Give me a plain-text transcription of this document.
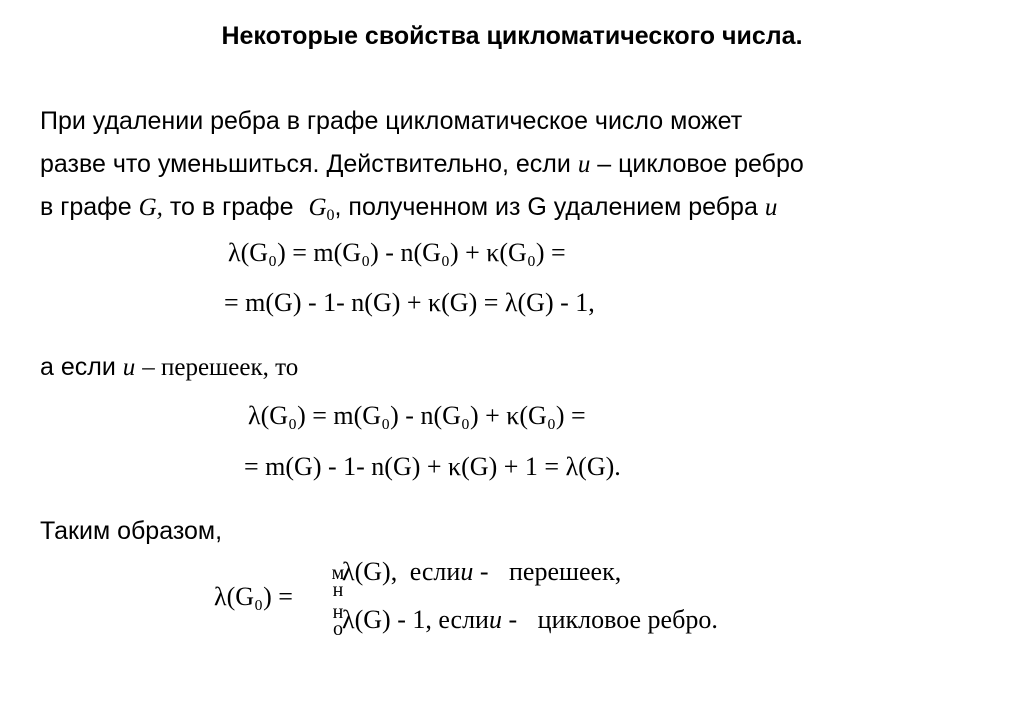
Некоторые свойства цикломатического числа.
При удалении ребра в графе цикломатическое число может
разве что уменьшиться. Действительно, если u – цикловое ребро
в графе G, то в графе $G_0$, полученном из G удалением ребра u
λ(G₀) = m(G₀) - n(G₀) + κ(G₀) =
= m(G) - 1- n(G) + κ(G) = λ(G) - 1,
а если u – перешеек, то
λ(G₀) = m(G₀) - n(G₀) + κ(G₀) =
= m(G) - 1- n(G) + κ(G) + 1 = λ(G).
Таким образом,
λ(G₀) =
м
н
н
о
λ(G), еслиu - перешеек,
λ(G) - 1, еслиu - цикловое ребро.
